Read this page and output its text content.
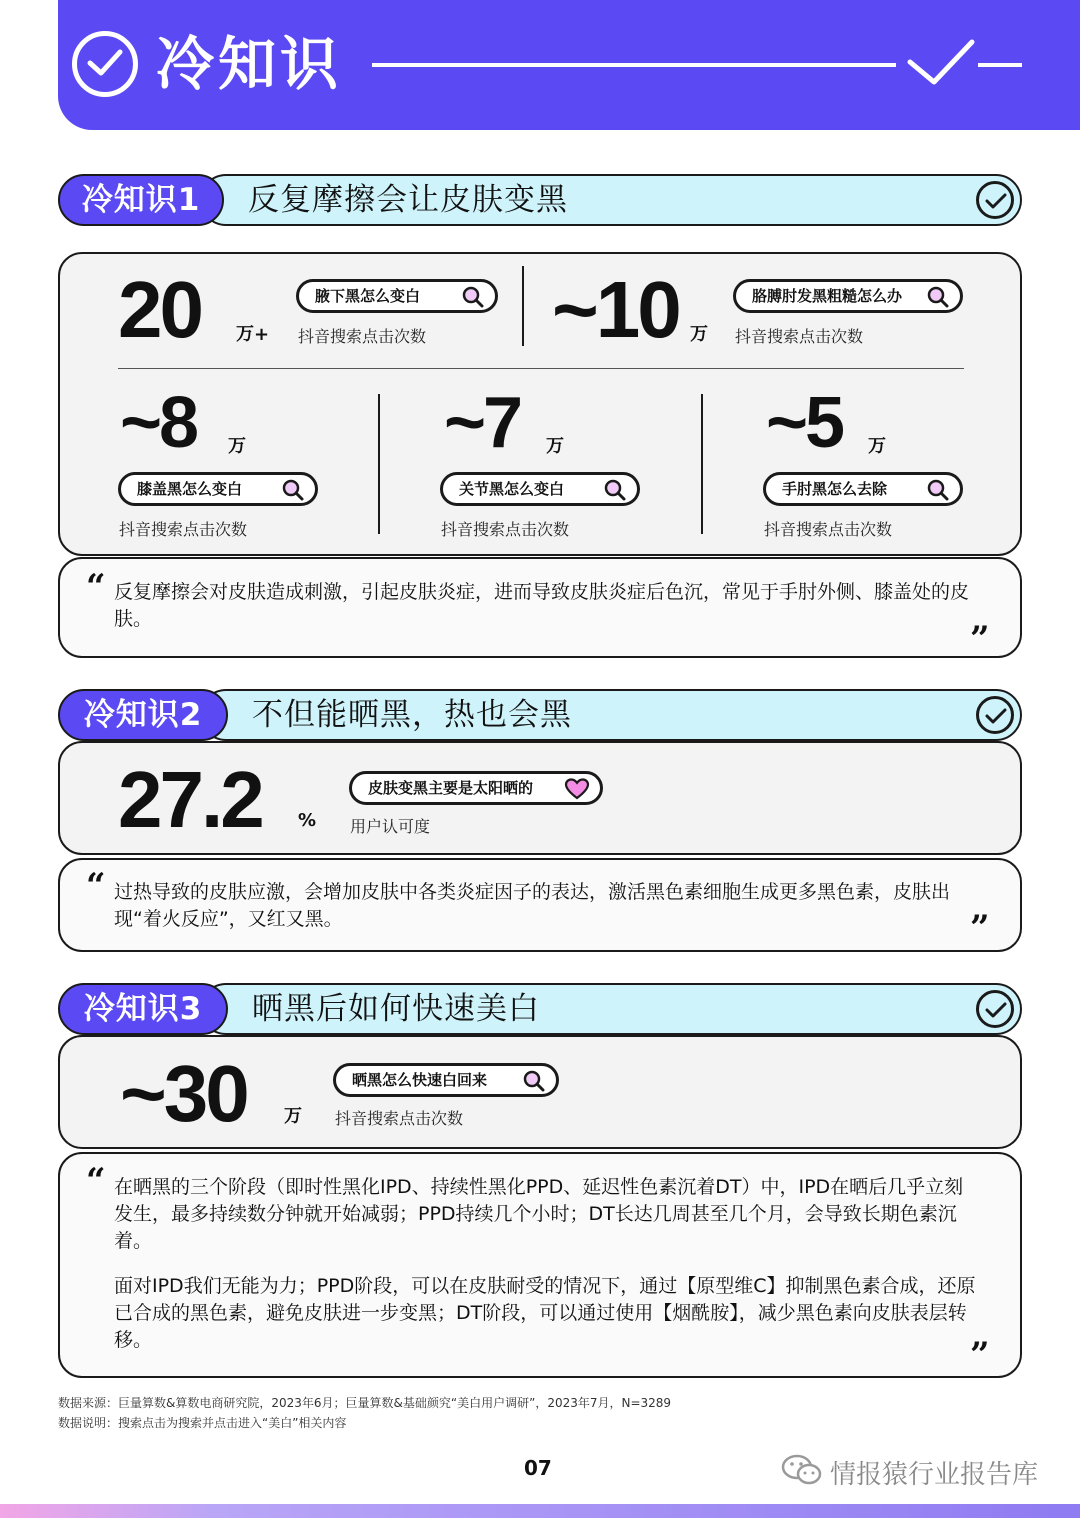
冷知识
冷知识1	反复摩擦会让皮肤变黑
20 万+
腋下黑怎么变白
抖音搜索点击次数 ~10 万
胳膊肘发黑粗糙怎么办
抖音搜索点击次数
~8 万
膝盖黑怎么变白
抖音搜索点击次数
~7 万
关节黑怎么变白
抖音搜索点击次数
~5 万
手肘黑怎么去除
抖音搜索点击次数
“ 反复摩擦会对皮肤造成刺激，引起皮肤炎症，进而导致皮肤炎症后色沉，常见于手肘外侧、膝盖处的皮肤。	”
冷知识2	不但能晒黑，热也会黑
27.2 %
皮肤变黑主要是太阳晒的
用户认可度
“ 过热导致的皮肤应激，会增加皮肤中各类炎症因子的表达，激活黑色素细胞生成更多黑色素，皮肤出现“着火反应”，又红又黑。	”
冷知识3	晒黑后如何快速美白
~30 万
晒黑怎么快速白回来
抖音搜索点击次数
“ 在晒黑的三个阶段（即时性黑化IPD、持续性黑化PPD、延迟性色素沉着DT）中，IPD在晒后几乎立刻发生，最多持续数分钟就开始减弱；PPD持续几个小时；DT长达几周甚至几个月，会导致长期色素沉着。
面对IPD我们无能为力；PPD阶段，可以在皮肤耐受的情况下，通过【原型维C】抑制黑色素合成，还原已合成的黑色素，避免皮肤进一步变黑；DT阶段，可以通过使用【烟酰胺】，减少黑色素向皮肤表层转移。	”
数据来源：巨量算数&算数电商研究院，2023年6月；巨量算数&基础颜究“美白用户调研”，2023年7月，N=3289
数据说明：搜索点击为搜索并点击进入“美白”相关内容
07	情报猿行业报告库
